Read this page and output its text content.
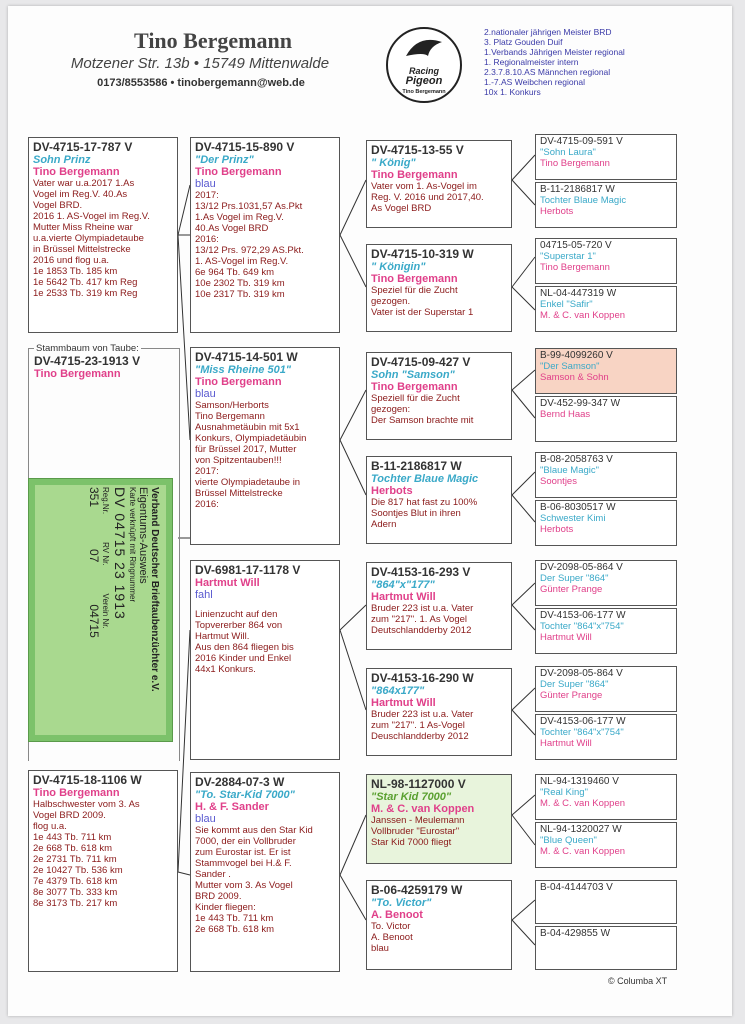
Tino Bergemann
Motzener Str. 13b • 15749 Mittenwalde
0173/8553586 • tinobergemann@web.de
Racing
Pigeon
Tino Bergemann
2.nationaler jährigen Meister BRD
3. Platz Gouden Duif
1.Verbands Jährigen Meister regional
1. Regionalmeister intern
2.3.7.8.10.AS Männchen regional
1.-7.AS Weibchen regional
10x 1. Konkurs
DV-4715-17-787 V
Sohn Prinz
Tino Bergemann
Vater war u.a.2017 1.As
Vogel im Reg.V. 40.As
Vogel BRD.
2016 1. AS-Vogel im Reg.V.
Mutter Miss Rheine war
u.a.vierte Olympiadetaube
in Brüssel Mittelstrecke
2016 und flog u.a.
1e 1853 Tb. 185 km
1e 5642 Tb. 417 km Reg
1e 2533 Tb. 319 km Reg
Stammbaum von Taube:
DV-4715-23-1913 V
Tino Bergemann
Verband Deutscher Brieftaubenzüchter e.V.
Eigentums-Ausweis
Karte verknüpft mit Ringnummer
DV 04715 23 1913
Reg.Nr.
RV Nr.
Verein Nr.
351
07
04715
DV-4715-18-1106 W
Tino Bergemann
Halbschwester vom 3. As
Vogel BRD 2009.
flog u.a.
1e 443 Tb. 711 km
2e 668 Tb. 618 km
2e 2731 Tb. 711 km
2e 10427 Tb. 536 km
7e 4379 Tb. 618 km
8e 3077 Tb. 333 km
8e 3173 Tb. 217 km
DV-4715-15-890 V
"Der Prinz"
Tino Bergemann
blau
2017:
13/12 Prs.1031,57 As.Pkt
1.As Vogel im Reg.V.
40.As Vogel BRD
2016:
13/12 Prs. 972,29 AS.Pkt.
1. AS-Vogel im Reg.V.
6e 964 Tb. 649 km
10e 2302 Tb. 319 km
10e 2317 Tb. 319 km
DV-4715-14-501 W
"Miss Rheine 501"
Tino Bergemann
blau
Samson/Herborts
Tino Bergemann
Ausnahmetäubin mit 5x1
Konkurs, Olympiadetäubin
für Brüssel 2017, Mutter
von Spitzentauben!!!
2017:
vierte Olympiadetaube in
Brüssel Mittelstrecke
2016:
DV-6981-17-1178 V
Hartmut Will
fahl
Linienzucht auf den
Topvererber 864 von
Hartmut Will.
Aus den 864 fliegen bis
2016 Kinder und Enkel
44x1 Konkurs.
DV-2884-07-3 W
"To. Star-Kid 7000"
H. & F. Sander
blau
Sie kommt aus den Star Kid
7000, der ein Vollbruder
zum Eurostar ist. Er ist
Stammvogel bei H.& F.
Sander .
Mutter vom 3. As Vogel
BRD 2009.
Kinder fliegen:
1e 443 Tb. 711 km
2e 668 Tb. 618 km
DV-4715-13-55 V
" König"
Tino Bergemann
Vater vom 1. As-Vogel im
Reg. V. 2016 und 2017,40.
As Vogel BRD
DV-4715-10-319 W
" Königin"
Tino Bergemann
Speziel für die Zucht
gezogen.
Vater ist der Superstar 1
DV-4715-09-427 V
Sohn "Samson"
Tino Bergemann
Speziell für die Zucht
gezogen:
Der Samson brachte mit
B-11-2186817 W
Tochter Blaue Magic
Herbots
Die 817 hat fast zu 100%
Soontjes Blut in ihren
Adern
DV-4153-16-293 V
"864"x"177"
Hartmut Will
Bruder 223 ist u.a. Vater
zum "217". 1. As Vogel
Deutschlandderby 2012
DV-4153-16-290 W
"864x177"
Hartmut Will
Bruder 223 ist u.a. Vater
zum "217". 1 As-Vogel
Deuschlandderby 2012
NL-98-1127000 V
"Star Kid 7000"
M. & C. van Koppen
Janssen - Meulemann
Vollbruder "Eurostar"
Star Kid 7000 fliegt
B-06-4259179 W
"To. Victor"
A. Benoot
To. Victor
A. Benoot
blau
DV-4715-09-591 V
"Sohn Laura"
Tino Bergemann
B-11-2186817 W
Tochter Blaue Magic
Herbots
04715-05-720 V
"Superstar 1"
Tino Bergemann
NL-04-447319 W
Enkel "Safir"
M. & C. van Koppen
B-99-4099260 V
"Der Samson"
Samson & Sohn
DV-452-99-347 W
Bernd Haas
B-08-2058763 V
"Blaue Magic"
Soontjes
B-06-8030517 W
Schwester Kimi
Herbots
DV-2098-05-864 V
Der Super "864"
Günter Prange
DV-4153-06-177 W
Tochter "864"x"754"
Hartmut Will
DV-2098-05-864 V
Der Super "864"
Günter Prange
DV-4153-06-177 W
Tochter "864"x"754"
Hartmut Will
NL-94-1319460 V
"Real King"
M. & C. van Koppen
NL-94-1320027 W
"Blue Queen"
M. & C. van Koppen
B-04-4144703 V
B-04-429855 W
© Columba XT
